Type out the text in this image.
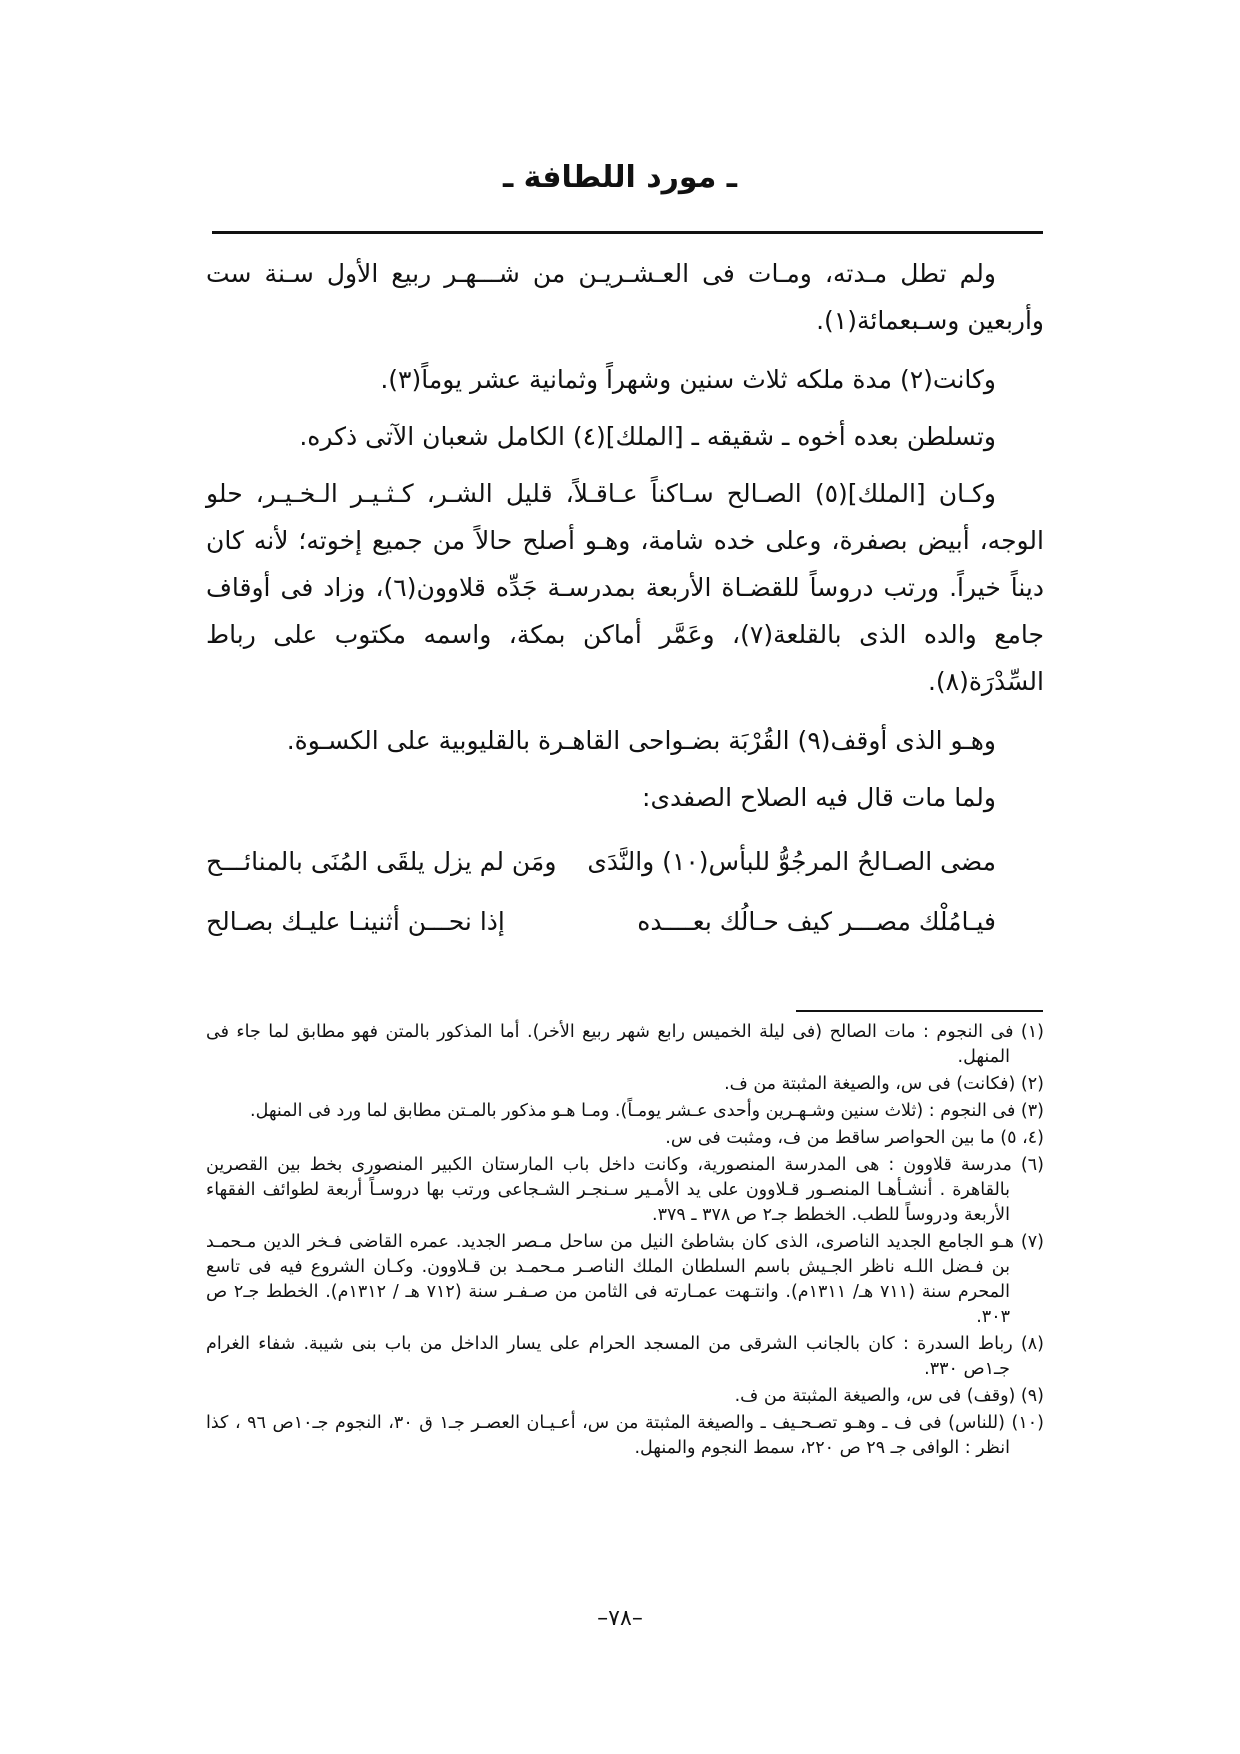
ـ مورد اللطافة ـ

ولم تطل مـدته، ومـات فى العـشـريـن من شـــهـر ربيع الأول سـنة ست وأربعين وسـبعمائة(١).

وكانت(٢) مدة ملكه ثلاث سنين وشهراً وثمانية عشر يوماً(٣).

وتسلطن بعده أخوه ـ شقيقه ـ [الملك](٤) الكامل شعبان الآتى ذكره.

وكـان [الملك](٥) الصـالح سـاكناً عـاقـلاً، قليل الشـر، كـثـيـر الـخـيـر، حلو الوجه، أبيض بصفرة، وعلى خده شامة، وهـو أصلح حالاً من جميع إخوته؛ لأنه كان ديناً خيراً. ورتب دروساً للقضـاة الأربعة بمدرسـة جَدِّه قلاوون(٦)، وزاد فى أوقاف جامع والده الذى بالقلعة(٧)، وعَمَّر أماكن بمكة، واسمه مكتوب على رباط السِّدْرَة(٨).

وهـو الذى أوقف(٩) القُرْبَة بضـواحى القاهـرة بالقليوبية على الكسـوة.

ولما مات قال فيه الصلاح الصفدى:

مضى الصـالحُ المرجُوُّ للبأس(١٠) والنَّدَى
ومَن لم يزل يلقَى المُنَى بالمنائـــح
فيـامُلْك مصـــر كيف حـالُك بعــــده
إذا نحـــن أثنينـا عليـك بصـالح

(١) فى النجوم : مات الصالح (فى ليلة الخميس رابع شهر ربيع الأخر). أما المذكور بالمتن فهو مطابق لما جاء فى المنهل.

(٢) (فكانت) فى س، والصيغة المثبتة من ف.

(٣) فى النجوم : (ثلاث سنين وشـهـرين وأحدى عـشر يومـاً). ومـا هـو مذكور بالمـتن مطابق لما ورد فى المنهل.

(٤، ٥) ما بين الحواصر ساقط من ف، ومثبت فى س.

(٦) مدرسة قلاوون : هى المدرسة المنصورية، وكانت داخل باب المارستان الكبير المنصورى بخط بين القصرين بالقاهرة . أنشـأهـا المنصـور قـلاوون على يد الأمـير سـنجـر الشـجاعى ورتب بها دروسـاً أربعة لطوائف الفقهاء الأربعة ودروساً للطب. الخطط جـ٢ ص ٣٧٨ ـ ٣٧٩.

(٧) هـو الجامع الجديد الناصرى، الذى كان بشاطئ النيل من ساحل مـصر الجديد. عمره القاضى فـخر الدين مـحمـد بن فـضل اللـه ناظر الجـيش باسم السلطان الملك الناصـر مـحمـد بن قـلاوون. وكـان الشروع فيه فى تاسع المحرم سنة (٧١١ هـ/ ١٣١١م). وانتـهت عمـارته فى الثامن من صـفـر سنة (٧١٢ هـ / ١٣١٢م). الخطط جـ٢ ص ٣٠٣.

(٨) رباط السدرة : كان بالجانب الشرقى من المسجد الحرام على يسار الداخل من باب بنى شيبة. شفاء الغرام جـ١ص ٣٣٠.

(٩) (وقف) فى س، والصيغة المثبتة من ف.

(١٠) (للناس) فى ف ـ وهـو تصـحـيف ـ والصيغة المثبتة من س، أعـيـان العصـر جـ١ ق ٣٠، النجوم جـ١٠ص ٩٦ ، كذا انظر : الوافى جـ ٢٩ ص ٢٢٠، سمط النجوم والمنهل.

–٧٨–
